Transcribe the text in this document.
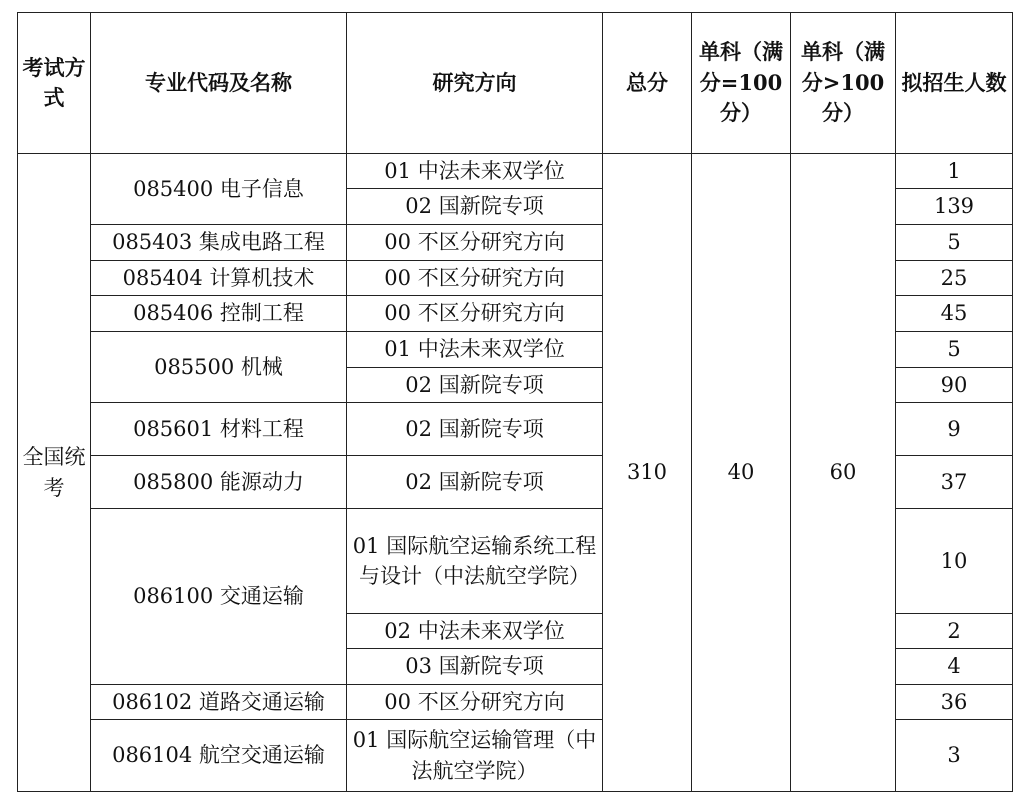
考试方式	专业代码及名称	研究方向	总分	单科（满分=100分）	单科（满分>100分）	拟招生人数
全国统考	085400 电子信息	01 中法未来双学位	310	40	60	1
		02 国新院专项				139
	085403 集成电路工程	00 不区分研究方向				5
	085404 计算机技术	00 不区分研究方向				25
	085406 控制工程	00 不区分研究方向				45
	085500 机械	01 中法未来双学位				5
		02 国新院专项				90
	085601 材料工程	02 国新院专项				9
	085800 能源动力	02 国新院专项				37
	086100 交通运输	01 国际航空运输系统工程与设计（中法航空学院）				10
		02 中法未来双学位				2
		03 国新院专项				4
	086102 道路交通运输	00 不区分研究方向				36
	086104 航空交通运输	01 国际航空运输管理（中法航空学院）				3
